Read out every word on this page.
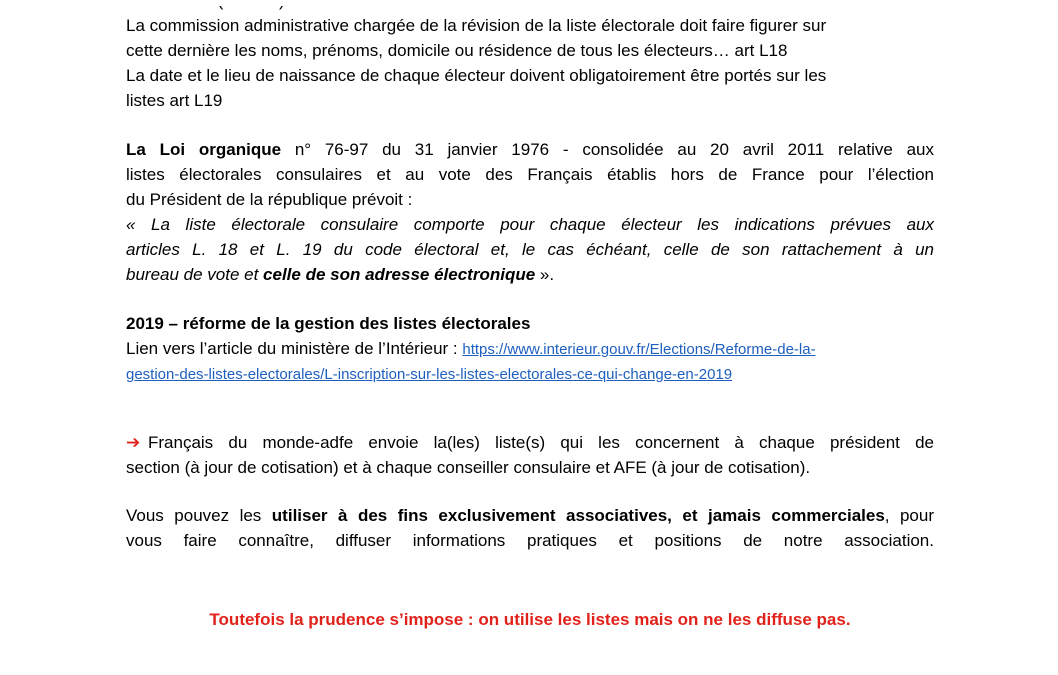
La commission administrative chargée de la révision de la liste électorale doit faire figurer sur
cette dernière les noms, prénoms, domicile ou résidence de tous les électeurs… art L18
La date et le lieu de naissance de chaque électeur doivent obligatoirement être portés sur les
listes art L19
La Loi organique n° 76-97 du 31 janvier 1976 - consolidée au 20 avril 2011 relative aux
listes électorales consulaires et au vote des Français établis hors de France pour l’élection
du Président de la république prévoit :
« La liste électorale consulaire comporte pour chaque électeur les indications prévues aux
articles L. 18 et L. 19 du code électoral et, le cas échéant, celle de son rattachement à un
bureau de vote et celle de son adresse électronique ».
2019 – réforme de la gestion des listes électorales
Lien vers l’article du ministère de l’Intérieur : https://www.interieur.gouv.fr/Elections/Reforme-de-la-
gestion-des-listes-electorales/L-inscription-sur-les-listes-electorales-ce-qui-change-en-2019
➔ Français du monde-adfe envoie la(les) liste(s) qui les concernent à chaque président de
section (à jour de cotisation) et à chaque conseiller consulaire et AFE (à jour de cotisation).
Vous pouvez les utiliser à des fins exclusivement associatives, et jamais commerciales, pour
vous faire connaître, diffuser informations pratiques et positions de notre association.
Toutefois la prudence s’impose : on utilise les listes mais on ne les diffuse pas.
